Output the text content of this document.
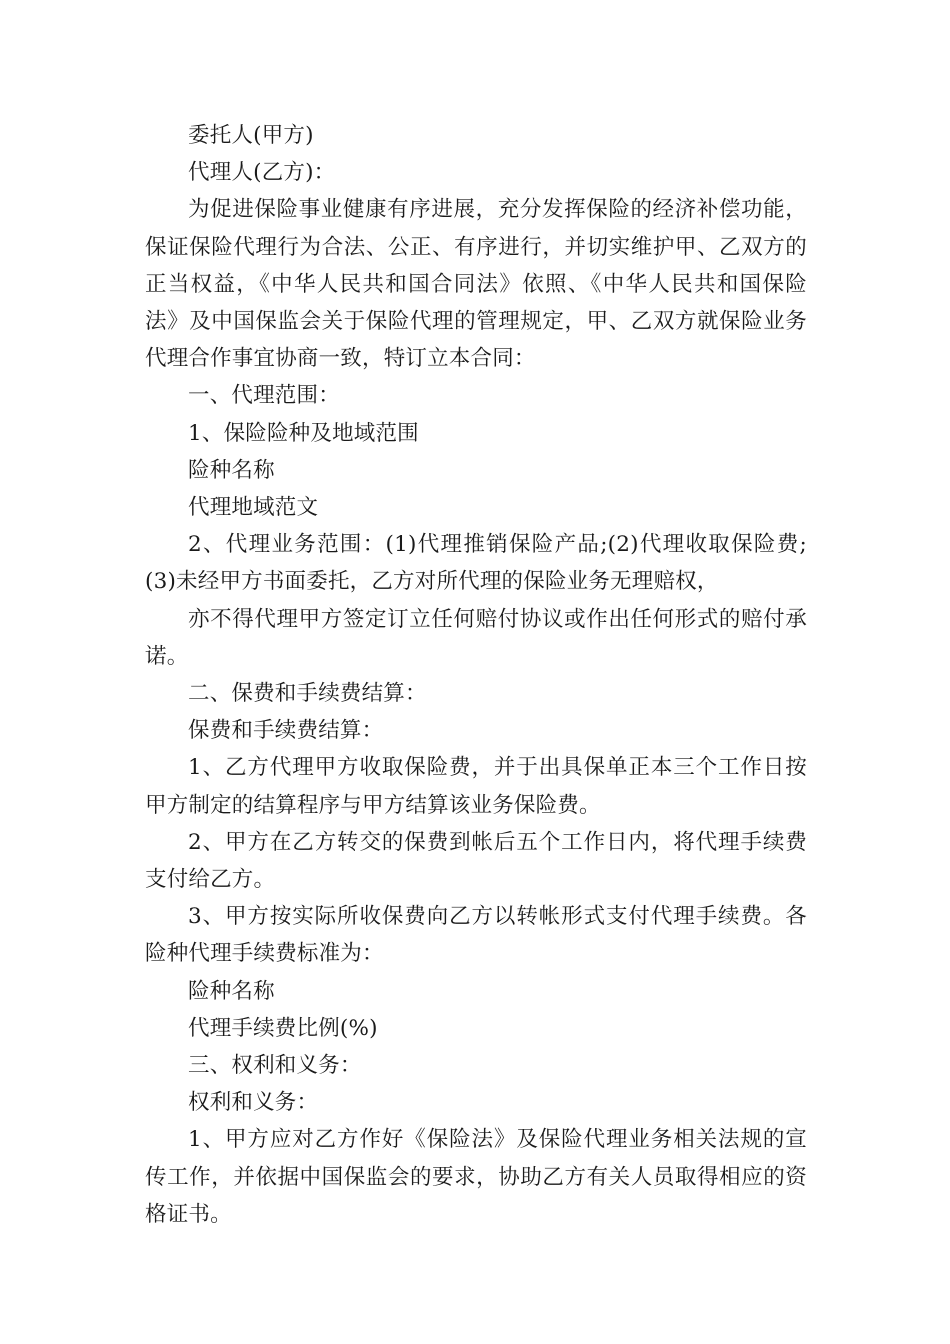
委托人(甲方)

代理人(乙方)：

为促进保险事业健康有序进展，充分发挥保险的经济补偿功能，保证保险代理行为合法、公正、有序进行，并切实维护甲、乙双方的正当权益，《中华人民共和国合同法》依照、《中华人民共和国保险法》及中国保监会关于保险代理的管理规定，甲、乙双方就保险业务代理合作事宜协商一致，特订立本合同：

一、代理范围：

1、保险险种及地域范围

险种名称

代理地域范文

2、代理业务范围：(1)代理推销保险产品;(2)代理收取保险费;(3)未经甲方书面委托，乙方对所代理的保险业务无理赔权，

亦不得代理甲方签定订立任何赔付协议或作出任何形式的赔付承诺。

二、保费和手续费结算：

保费和手续费结算：

1、乙方代理甲方收取保险费，并于出具保单正本三个工作日按甲方制定的结算程序与甲方结算该业务保险费。

2、甲方在乙方转交的保费到帐后五个工作日内，将代理手续费支付给乙方。

3、甲方按实际所收保费向乙方以转帐形式支付代理手续费。各险种代理手续费标准为：

险种名称

代理手续费比例(%)

三、权利和义务：

权利和义务：

1、甲方应对乙方作好《保险法》及保险代理业务相关法规的宣传工作，并依据中国保监会的要求，协助乙方有关人员取得相应的资格证书。
